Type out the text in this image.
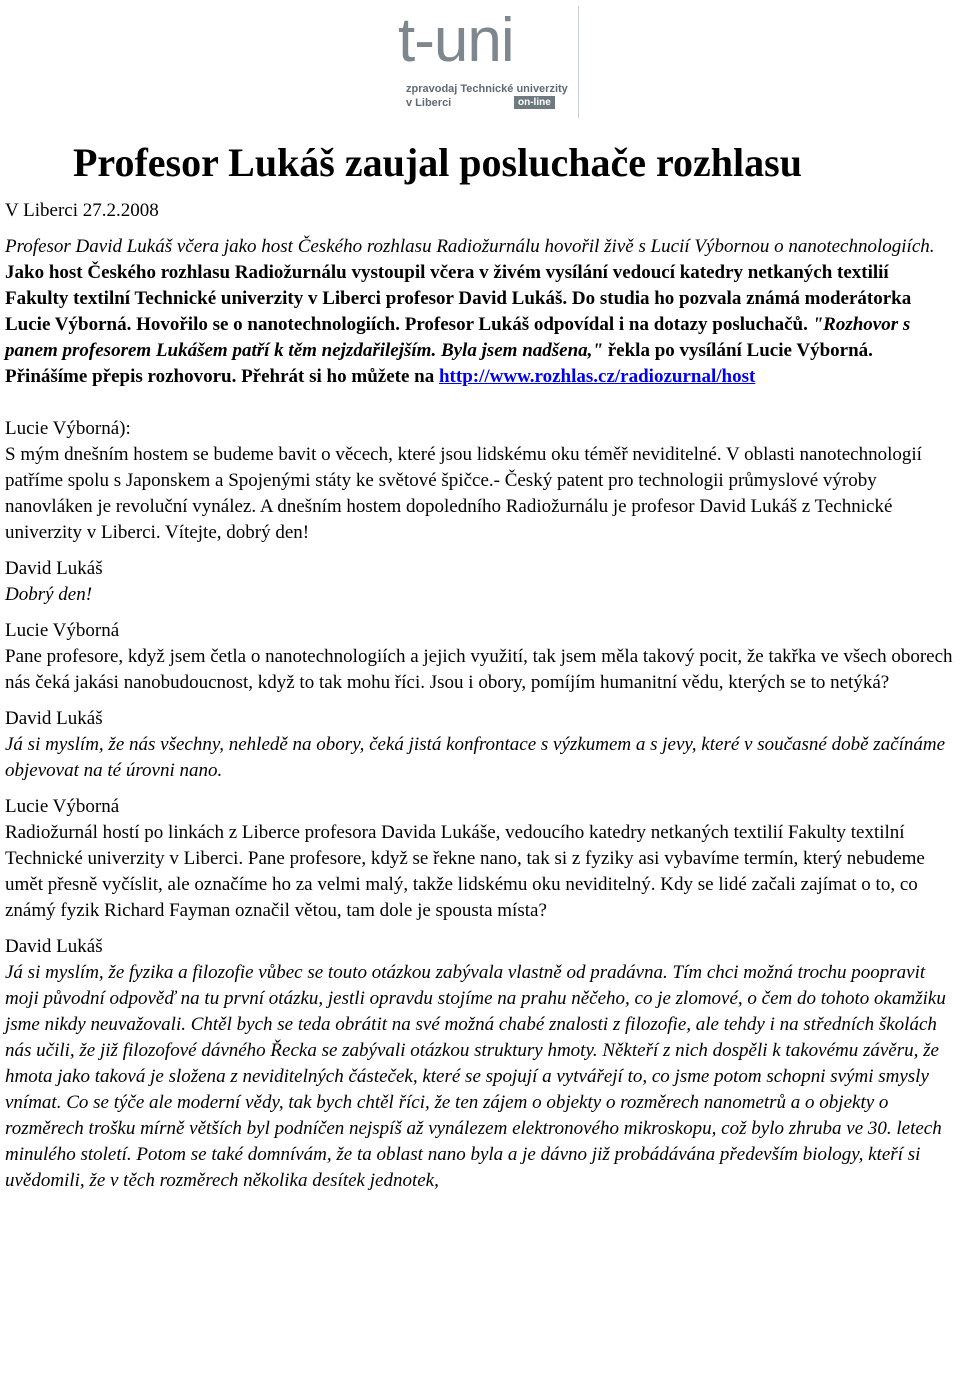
t-uni
zpravodaj Technické univerzity
v Liberci	on-line
Profesor Lukáš zaujal posluchače rozhlasu

V Liberci 27.2.2008

Profesor David Lukáš včera jako host Českého rozhlasu Radiožurnálu hovořil živě s Lucií Výbornou o nanotechnologiích.

Jako host Českého rozhlasu Radiožurnálu vystoupil včera v živém vysílání vedoucí katedry netkaných textilií Fakulty textilní Technické univerzity v Liberci profesor David Lukáš. Do studia ho pozvala známá moderátorka Lucie Výborná. Hovořilo se o nanotechnologiích. Profesor Lukáš odpovídal i na dotazy posluchačů. "Rozhovor s panem profesorem Lukášem patří k těm nejzdařilejším. Byla jsem nadšena," řekla po vysílání Lucie Výborná. Přinášíme přepis rozhovoru. Přehrát si ho můžete na http://www.rozhlas.cz/radiozurnal/host

Lucie Výborná):

S mým dnešním hostem se budeme bavit o věcech, které jsou lidskému oku téměř neviditelné. V oblasti nanotechnologií patříme spolu s Japonskem a Spojenými státy ke světové špičce.- Český patent pro technologii průmyslové výroby nanovláken je revoluční vynález. A dnešním hostem dopoledního Radiožurnálu je profesor David Lukáš z Technické univerzity v Liberci. Vítejte, dobrý den!

David Lukáš

Dobrý den!

Lucie Výborná

Pane profesore, když jsem četla o nanotechnologiích a jejich využití, tak jsem měla takový pocit, že takřka ve všech oborech nás čeká jakási nanobudoucnost, když to tak mohu říci. Jsou i obory, pomíjím humanitní vědu, kterých se to netýká?

David Lukáš

Já si myslím, že nás všechny, nehledě na obory, čeká jistá konfrontace s výzkumem a s jevy, které v současné době začínáme objevovat na té úrovni nano.

Lucie Výborná

Radiožurnál hostí po linkách z Liberce profesora Davida Lukáše, vedoucího katedry netkaných textilií Fakulty textilní Technické univerzity v Liberci. Pane profesore, když se řekne nano, tak si z fyziky asi vybavíme termín, který nebudeme umět přesně vyčíslit, ale označíme ho za velmi malý, takže lidskému oku neviditelný. Kdy se lidé začali zajímat o to, co známý fyzik Richard Fayman označil větou, tam dole je spousta místa?

David Lukáš

Já si myslím, že fyzika a filozofie vůbec se touto otázkou zabývala vlastně od pradávna. Tím chci možná trochu poopravit moji původní odpověď na tu první otázku, jestli opravdu stojíme na prahu něčeho, co je zlomové, o čem do tohoto okamžiku jsme nikdy neuvažovali. Chtěl bych se teda obrátit na své možná chabé znalosti z filozofie, ale tehdy i na středních školách nás učili, že již filozofové dávného Řecka se zabývali otázkou struktury hmoty. Někteří z nich dospěli k takovému závěru, že hmota jako taková je složena z neviditelných částeček, které se spojují a vytvářejí to, co jsme potom schopni svými smysly vnímat. Co se týče ale moderní vědy, tak bych chtěl říci, že ten zájem o objekty o rozměrech nanometrů a o objekty o rozměrech trošku mírně větších byl podníčen nejspíš až vynálezem elektronového mikroskopu, což bylo zhruba ve 30. letech minulého století. Potom se také domnívám, že ta oblast nano byla a je dávno již probádávána především biology, kteří si uvědomili, že v těch rozměrech několika desítek jednotek,
